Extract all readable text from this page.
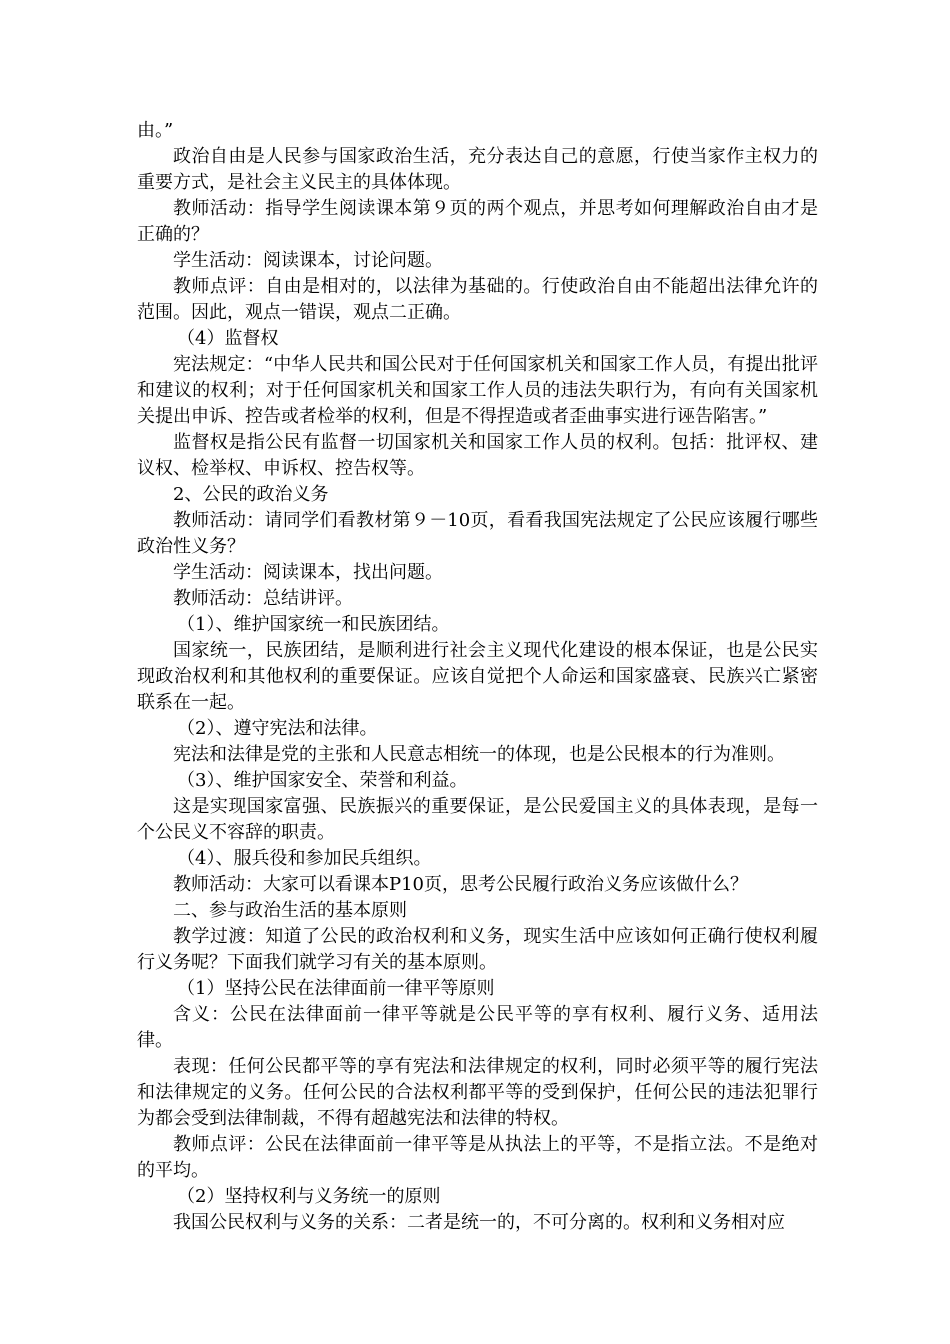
由。”

政治自由是人民参与国家政治生活，充分表达自己的意愿，行使当家作主权力的重要方式，是社会主义民主的具体体现。

教师活动：指导学生阅读课本第９页的两个观点，并思考如何理解政治自由才是正确的？

学生活动：阅读课本，讨论问题。

教师点评：自由是相对的，以法律为基础的。行使政治自由不能超出法律允许的范围。因此，观点一错误，观点二正确。

（4）监督权

宪法规定：“中华人民共和国公民对于任何国家机关和国家工作人员，有提出批评和建议的权利；对于任何国家机关和国家工作人员的违法失职行为，有向有关国家机关提出申诉、控告或者检举的权利，但是不得捏造或者歪曲事实进行诬告陷害。”

监督权是指公民有监督一切国家机关和国家工作人员的权利。包括：批评权、建议权、检举权、申诉权、控告权等。

2、公民的政治义务

教师活动：请同学们看教材第９－10页，看看我国宪法规定了公民应该履行哪些政治性义务？

学生活动：阅读课本，找出问题。

教师活动：总结讲评。

（1）、维护国家统一和民族团结。

国家统一，民族团结，是顺利进行社会主义现代化建设的根本保证，也是公民实现政治权利和其他权利的重要保证。应该自觉把个人命运和国家盛衰、民族兴亡紧密联系在一起。

（2）、遵守宪法和法律。

宪法和法律是党的主张和人民意志相统一的体现，也是公民根本的行为准则。

（3）、维护国家安全、荣誉和利益。

这是实现国家富强、民族振兴的重要保证，是公民爱国主义的具体表现，是每一个公民义不容辞的职责。

（4）、服兵役和参加民兵组织。

教师活动：大家可以看课本P10页，思考公民履行政治义务应该做什么？

二、参与政治生活的基本原则

教学过渡：知道了公民的政治权利和义务，现实生活中应该如何正确行使权利履行义务呢？下面我们就学习有关的基本原则。

（1）坚持公民在法律面前一律平等原则

含义：公民在法律面前一律平等就是公民平等的享有权利、履行义务、适用法律。

表现：任何公民都平等的享有宪法和法律规定的权利，同时必须平等的履行宪法和法律规定的义务。任何公民的合法权利都平等的受到保护，任何公民的违法犯罪行为都会受到法律制裁，不得有超越宪法和法律的特权。

教师点评：公民在法律面前一律平等是从执法上的平等，不是指立法。不是绝对的平均。

（2）坚持权利与义务统一的原则

我国公民权利与义务的关系：二者是统一的，不可分离的。权利和义务相对应
